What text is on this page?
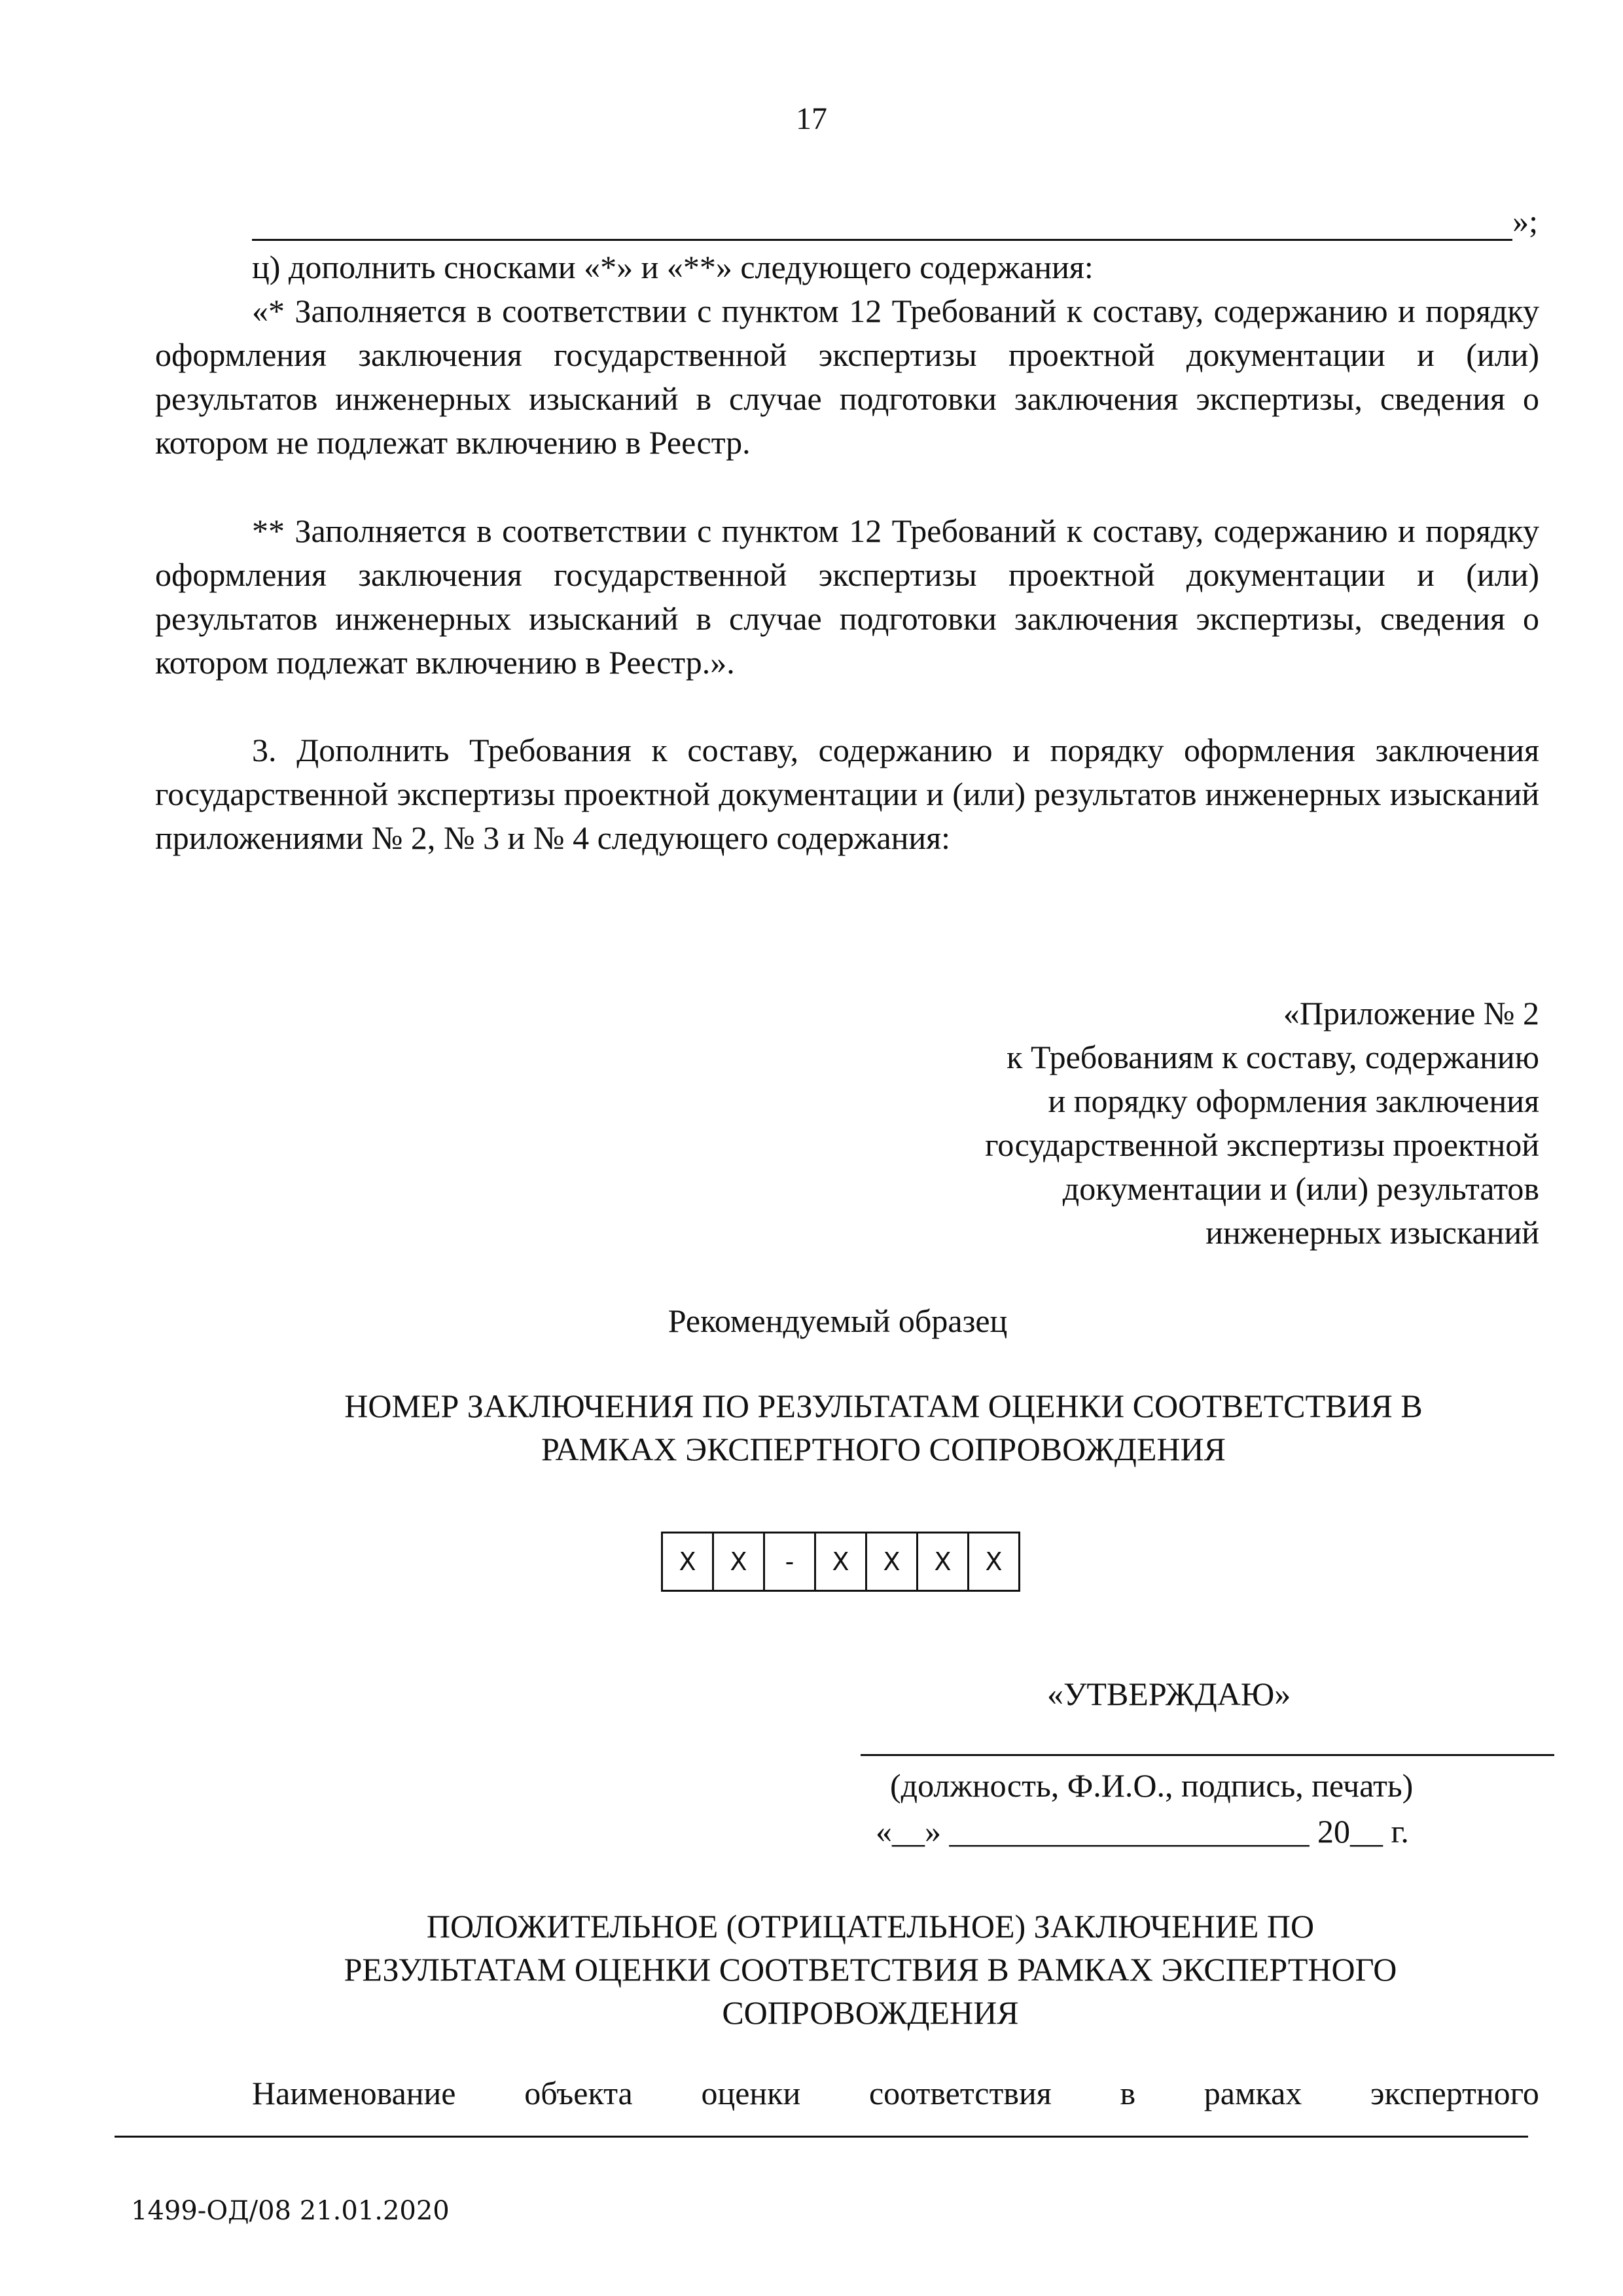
17
»;

ц) дополнить сносками «*» и «**» следующего содержания:

«* Заполняется в соответствии с пунктом 12 Требований к составу, содержанию и порядку оформления заключения государственной экспертизы проектной документации и (или) результатов инженерных изысканий в случае подготовки заключения экспертизы, сведения о котором не подлежат включению в Реестр.

** Заполняется в соответствии с пунктом 12 Требований к составу, содержанию и порядку оформления заключения государственной экспертизы проектной документации и (или) результатов инженерных изысканий в случае подготовки заключения экспертизы, сведения о котором подлежат включению в Реестр.».

3. Дополнить Требования к составу, содержанию и порядку оформления заключения государственной экспертизы проектной документации и (или) результатов инженерных изысканий приложениями № 2, № 3 и № 4 следующего содержания:

«Приложение № 2
к Требованиям к составу, содержанию
и порядку оформления заключения
государственной экспертизы проектной
документации и (или) результатов
инженерных изысканий
Рекомендуемый образец
НОМЕР ЗАКЛЮЧЕНИЯ ПО РЕЗУЛЬТАТАМ ОЦЕНКИ СООТВЕТСТВИЯ В
РАМКАХ ЭКСПЕРТНОГО СОПРОВОЖДЕНИЯ
X	X	-	X	X	X	X
«УТВЕРЖДАЮ»
(должность, Ф.И.О., подпись, печать)
«__» ______________________ 20__ г.
ПОЛОЖИТЕЛЬНОЕ (ОТРИЦАТЕЛЬНОЕ) ЗАКЛЮЧЕНИЕ ПО
РЕЗУЛЬТАТАМ ОЦЕНКИ СООТВЕТСТВИЯ В РАМКАХ ЭКСПЕРТНОГО
СОПРОВОЖДЕНИЯ
Наименование объекта оценки соответствия в рамках экспертного
1499-ОД/08 21.01.2020
